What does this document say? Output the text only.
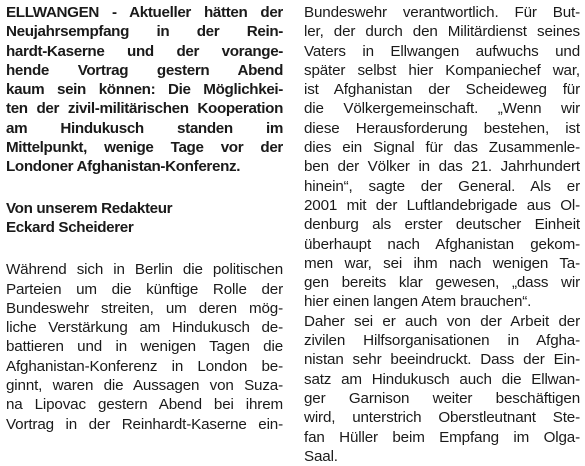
ELLWANGEN - Aktueller hätten der
Neujahrsempfang in der Rein-
hardt-Kaserne und der vorange-
hende Vortrag gestern Abend
kaum sein können: Die Möglichkei-
ten der zivil-militärischen Kooperation
am Hindukusch standen im
Mittelpunkt, wenige Tage vor der
Londoner Afghanistan-Konferenz.
Von unserem Redakteur
Eckard Scheiderer
Während sich in Berlin die politischen
Parteien um die künftige Rolle der
Bundeswehr streiten, um deren mög-
liche Verstärkung am Hindukusch de-
battieren und in wenigen Tagen die
Afghanistan-Konferenz in London be-
ginnt, waren die Aussagen von Suza-
na Lipovac gestern Abend bei ihrem
Vortrag in der Reinhardt-Kaserne ein-
Bundeswehr verantwortlich. Für But-
ler, der durch den Militärdienst seines
Vaters in Ellwangen aufwuchs und
später selbst hier Kompaniechef war,
ist Afghanistan der Scheideweg für
die Völkergemeinschaft. „Wenn wir
diese Herausforderung bestehen, ist
dies ein Signal für das Zusammenle-
ben der Völker in das 21. Jahrhundert
hinein“, sagte der General. Als er
2001 mit der Luftlandebrigade aus Ol-
denburg als erster deutscher Einheit
überhaupt nach Afghanistan gekom-
men war, sei ihm nach wenigen Ta-
gen bereits klar gewesen, „dass wir
hier einen langen Atem brauchen“.
Daher sei er auch von der Arbeit der
zivilen Hilfsorganisationen in Afgha-
nistan sehr beeindruckt. Dass der Ein-
satz am Hindukusch auch die Ellwan-
ger Garnison weiter beschäftigen
wird, unterstrich Oberstleutnant Ste-
fan Hüller beim Empfang im Olga-
Saal.
